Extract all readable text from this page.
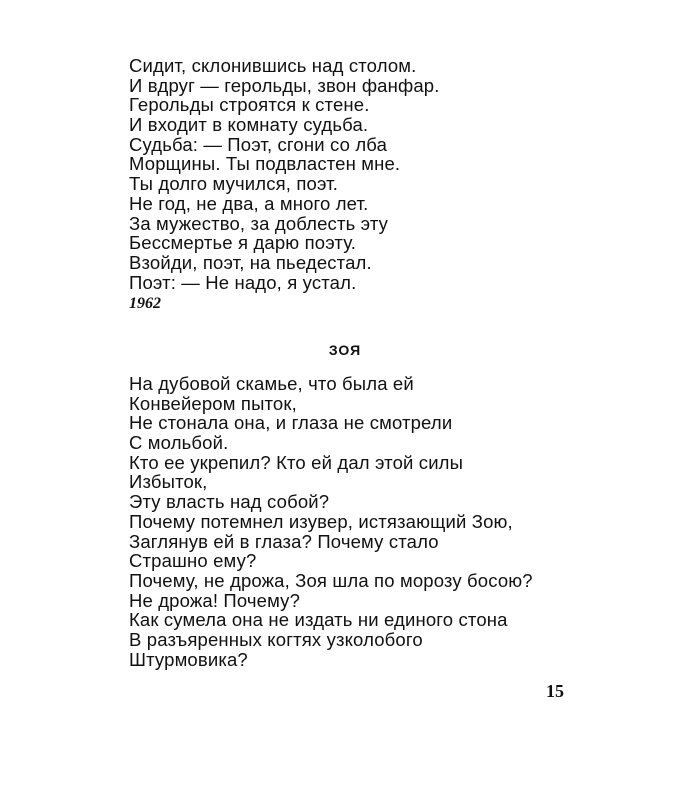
Сидит, склонившись над столом.
И вдруг — герольды, звон фанфар.
Герольды строятся к стене.
И входит в комнату судьба.
Судьба: — Поэт, сгони со лба
Морщины. Ты подвластен мне.
Ты долго мучился, поэт.
Не год, не два, а много лет.
За мужество, за доблесть эту
Бессмертье я дарю поэту.
Взойди, поэт, на пьедестал.
Поэт: — Не надо, я устал.
1962
ЗОЯ
На дубовой скамье, что была ей
Конвейером пыток,
Не стонала она, и глаза не смотрели
С мольбой.
Кто ее укрепил? Кто ей дал этой силы
Избыток,
Эту власть над собой?
Почему потемнел изувер, истязающий Зою,
Заглянув ей в глаза? Почему стало
Страшно ему?
Почему, не дрожа, Зоя шла по морозу босою?
Не дрожа! Почему?
Как сумела она не издать ни единого стона
В разъяренных когтях узколобого
Штурмовика?
15
